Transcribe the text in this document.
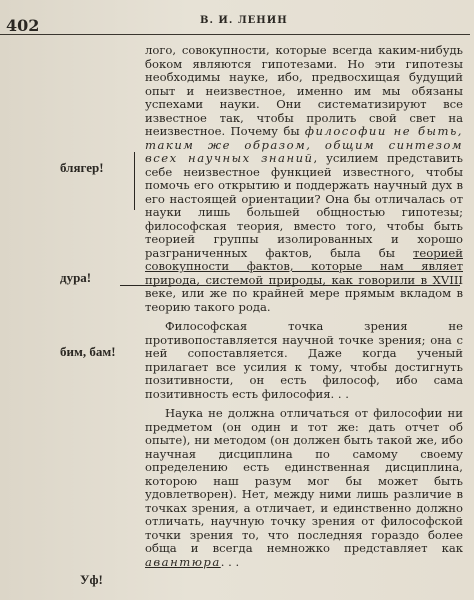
402	В. И. ЛЕНИН
блягер!
дура!
бим, бам!
Уф!

лого, совокупности, которые всегда каким-нибудь боком являются гипотезами. Но эти гипотезы необходимы науке, ибо, предвосхищая будущий опыт и неизвестное, именно им мы обязаны успехами науки. Они систематизируют все известное так, чтобы пролить свой свет на неизвестное. Почему бы философии не быть, таким же образом, общим синтезом всех научных знаний, усилием представить себе неизвестное функцией известного, чтобы помочь его открытию и поддержать научный дух в его настоящей ориентации? Она бы отличалась от науки лишь большей общностью гипотезы; философская теория, вместо того, чтобы быть теорией группы изолированных и хорошо разграниченных фактов, была бы теорией совокупности фактов, которые нам являет природа, системой природы, как говорили в XVIII веке, или же по крайней мере прямым вкладом в теорию такого рода.

Философская точка зрения не противопоставляется научной точке зрения; она с ней сопоставляется. Даже когда ученый прилагает все усилия к тому, чтобы достигнуть позитивности, он есть философ, ибо сама позитивность есть философия. . .

Наука не должна отличаться от философии ни предметом (он один и тот же: дать отчет об опыте), ни методом (он должен быть такой же, ибо научная дисциплина по самому своему определению есть единственная дисциплина, которою наш разум мог бы может быть удовлетворен). Нет, между ними лишь различие в точках зрения, а отличает, и единственно должно отличать, научную точку зрения от философской точки зрения то, что последняя гораздо более обща и всегда немножко представляет как авантюра. . .
